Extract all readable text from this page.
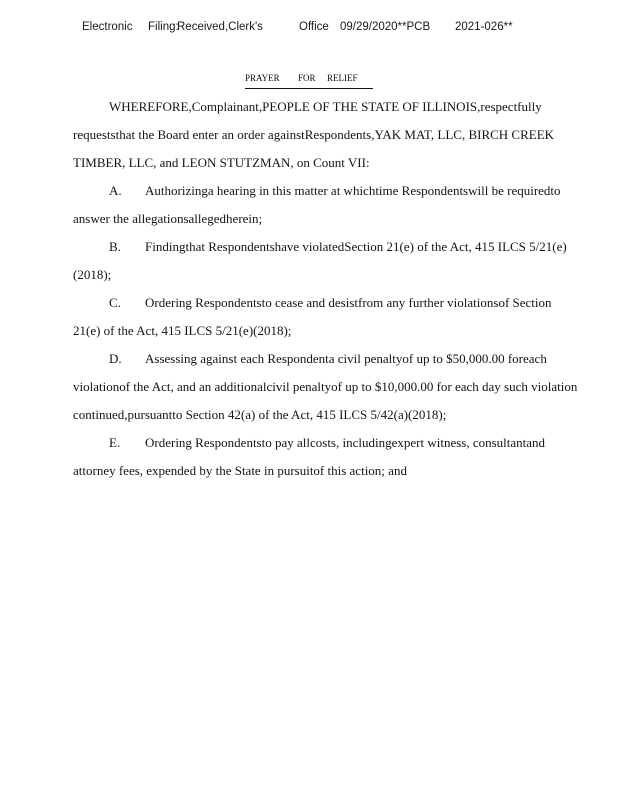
Electronic Filing:
Received,Clerk's	Office 09/29/2020**PCB 2021-026**
PRAYER FOR RELIEF
WHEREFORE,Complainant,PEOPLE OF THE STATE OF ILLINOIS,respectfully
requeststhat the Board enter an order againstRespondents,YAK MAT, LLC, BIRCH CREEK
TIMBER, LLC, and LEON STUTZMAN, on Count VII:
A.	Authorizinga hearing in this matter at whichtime Respondentswill be requiredto
answer the allegationsallegedherein;
B.	Findingthat Respondentshave violatedSection 21(e) of the Act, 415 ILCS 5/21(e)
(2018);
C.	Ordering Respondentsto cease and desistfrom any further violationsof Section
21(e) of the Act, 415 ILCS 5/21(e)(2018);
D.	Assessing against each Respondenta civil penaltyof up to $50,000.00 foreach
violationof the Act, and an additionalcivil penaltyof up to $10,000.00 for each day such violation
continued,pursuantto Section 42(a) of the Act, 415 ILCS 5/42(a)(2018);
E.	Ordering Respondentsto pay allcosts, includingexpert witness, consultantand
attorney fees, expended by the State in pursuitof this action; and
